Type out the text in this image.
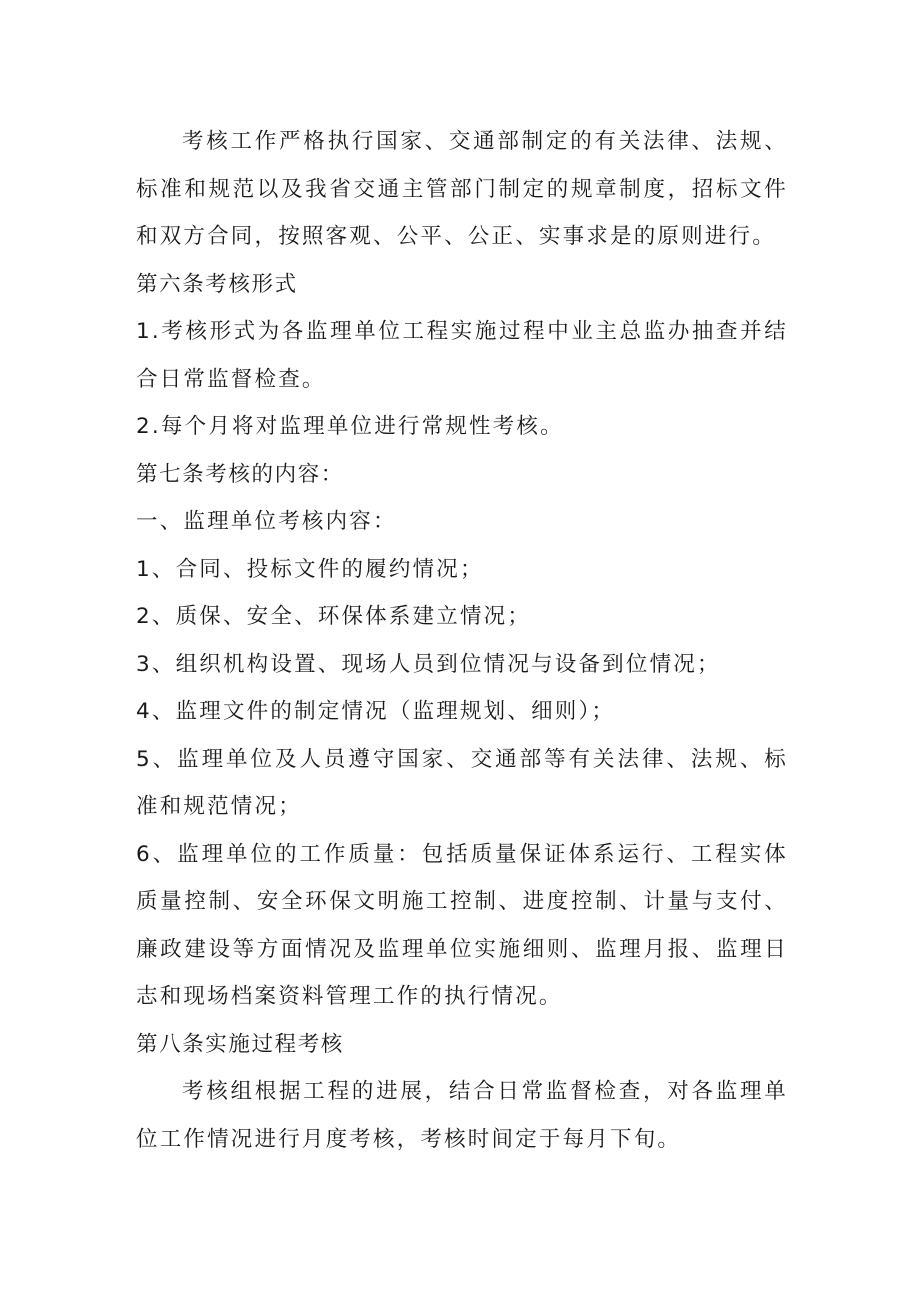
考核工作严格执行国家、交通部制定的有关法律、法规、标准和规范以及我省交通主管部门制定的规章制度，招标文件和双方合同，按照客观、公平、公正、实事求是的原则进行。

第六条考核形式

1.考核形式为各监理单位工程实施过程中业主总监办抽查并结合日常监督检查。

2.每个月将对监理单位进行常规性考核。

第七条考核的内容：

一、监理单位考核内容：

1、合同、投标文件的履约情况；

2、质保、安全、环保体系建立情况；

3、组织机构设置、现场人员到位情况与设备到位情况；

4、监理文件的制定情况（监理规划、细则）；

5、监理单位及人员遵守国家、交通部等有关法律、法规、标准和规范情况；

6、监理单位的工作质量：包括质量保证体系运行、工程实体质量控制、安全环保文明施工控制、进度控制、计量与支付、廉政建设等方面情况及监理单位实施细则、监理月报、监理日志和现场档案资料管理工作的执行情况。

第八条实施过程考核

考核组根据工程的进展，结合日常监督检查，对各监理单位工作情况进行月度考核，考核时间定于每月下旬。
